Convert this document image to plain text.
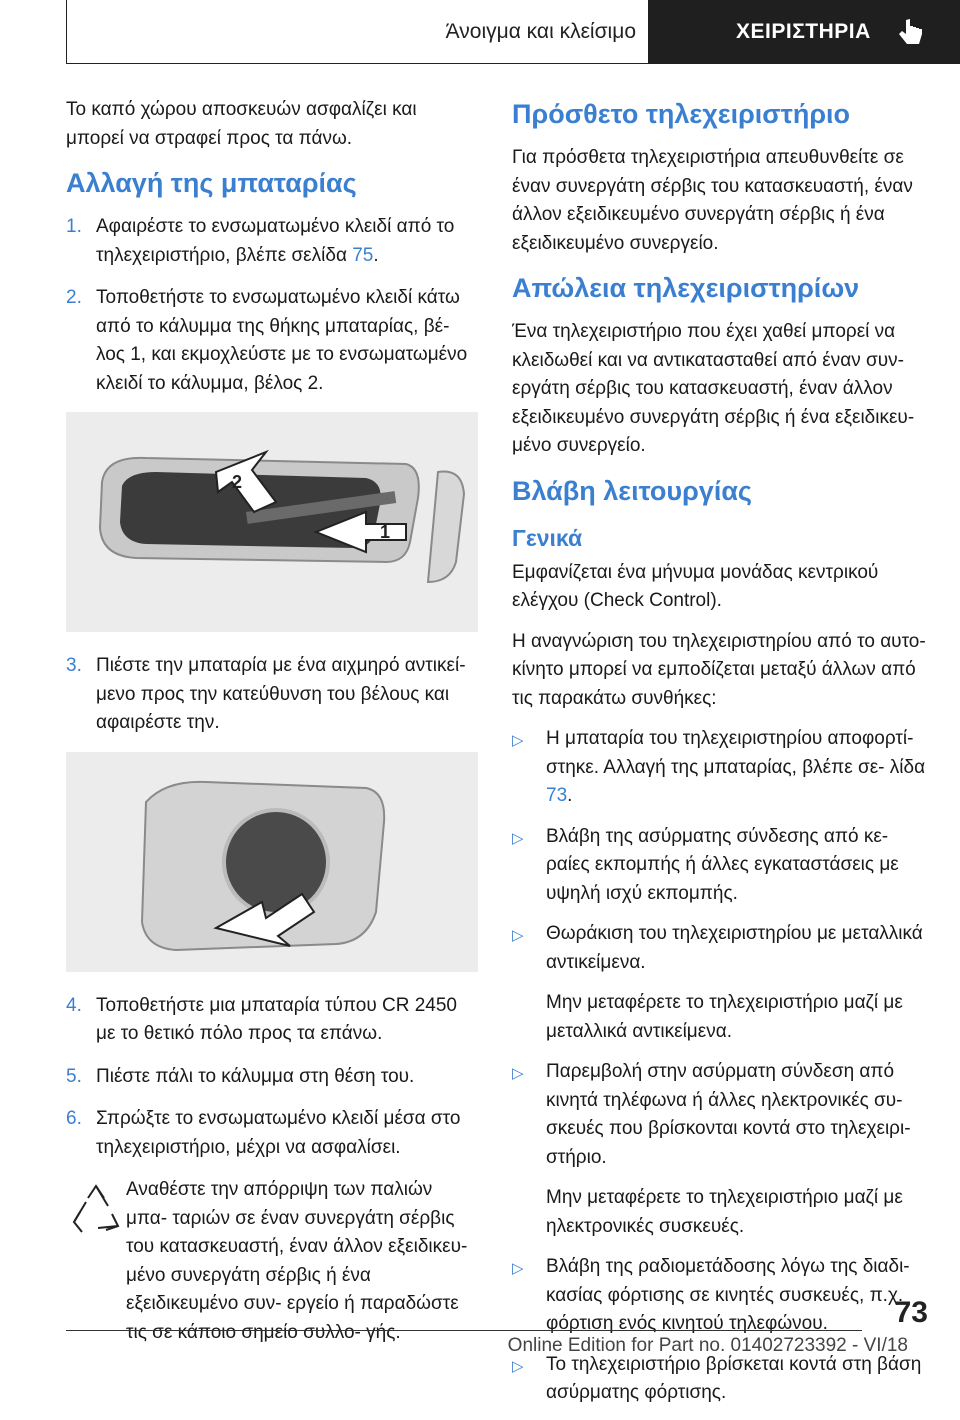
Άνοιγμα και κλείσιμο	ΧΕΙΡΙΣΤΗΡΙΑ

Το καπό χώρου αποσκευών ασφαλίζει και μπορεί να στραφεί προς τα πάνω.

Αλλαγή της μπαταρίας
1. Αφαιρέστε το ενσωματωμένο κλειδί από το τηλεχειριστήριο, βλέπε σελίδα 75.
2. Τοποθετήστε το ενσωματωμένο κλειδί κάτω από το κάλυμμα της θήκης μπαταρίας, βέ- λος 1, και εκμοχλεύστε με το ενσωματωμένο κλειδί το κάλυμμα, βέλος 2.
2
1
3. Πιέστε την μπαταρία με ένα αιχμηρό αντικεί- μενο προς την κατεύθυνση του βέλους και αφαιρέστε την.
4. Τοποθετήστε μια μπαταρία τύπου CR 2450 με το θετικό πόλο προς τα επάνω.
5. Πιέστε πάλι το κάλυμμα στη θέση του.
6. Σπρώξτε το ενσωματωμένο κλειδί μέσα στο τηλεχειριστήριο, μέχρι να ασφαλίσει.
Αναθέστε την απόρριψη των παλιών μπα- ταριών σε έναν συνεργάτη σέρβις του κατασκευαστή, έναν άλλον εξειδικευ- μένο συνεργάτη σέρβις ή ένα εξειδικευμένο συν- εργείο ή παραδώστε τις σε κάποιο σημείο συλλο- γής.
Πρόσθετο τηλεχειριστήριο

Για πρόσθετα τηλεχειριστήρια απευθυνθείτε σε έναν συνεργάτη σέρβις του κατασκευαστή, έναν άλλον εξειδικευμένο συνεργάτη σέρβις ή ένα εξειδικευμένο συνεργείο.

Απώλεια τηλεχειριστηρίων

Ένα τηλεχειριστήριο που έχει χαθεί μπορεί να κλειδωθεί και να αντικατασταθεί από έναν συν- εργάτη σέρβις του κατασκευαστή, έναν άλλον εξειδικευμένο συνεργάτη σέρβις ή ένα εξειδικευ- μένο συνεργείο.

Βλάβη λειτουργίας
Γενικά

Εμφανίζεται ένα μήνυμα μονάδας κεντρικού ελέγχου (Check Control).

Η αναγνώριση του τηλεχειριστηρίου από το αυτο- κίνητο μπορεί να εμποδίζεται μεταξύ άλλων από τις παρακάτω συνθήκες:

▷	Η μπαταρία του τηλεχειριστηρίου αποφορτί- στηκε. Αλλαγή της μπαταρίας, βλέπε σε- λίδα 73.
▷	Βλάβη της ασύρματης σύνδεσης από κε- ραίες εκπομπής ή άλλες εγκαταστάσεις με υψηλή ισχύ εκπομπής.
▷	Θωράκιση του τηλεχειριστηρίου με μεταλλικά αντικείμενα.

Μην μεταφέρετε το τηλεχειριστήριο μαζί με μεταλλικά αντικείμενα.

▷	Παρεμβολή στην ασύρματη σύνδεση από κινητά τηλέφωνα ή άλλες ηλεκτρονικές συ- σκευές που βρίσκονται κοντά στο τηλεχειρι- στήριο.

Μην μεταφέρετε το τηλεχειριστήριο μαζί με ηλεκτρονικές συσκευές.

▷	Βλάβη της ραδιομετάδοσης λόγω της διαδι- κασίας φόρτισης σε κινητές συσκευές, π.χ. φόρτιση ενός κινητού τηλεφώνου.
▷	Το τηλεχειριστήριο βρίσκεται κοντά στη βάση ασύρματης φόρτισης.
73
Online Edition for Part no. 01402723392 - VI/18
